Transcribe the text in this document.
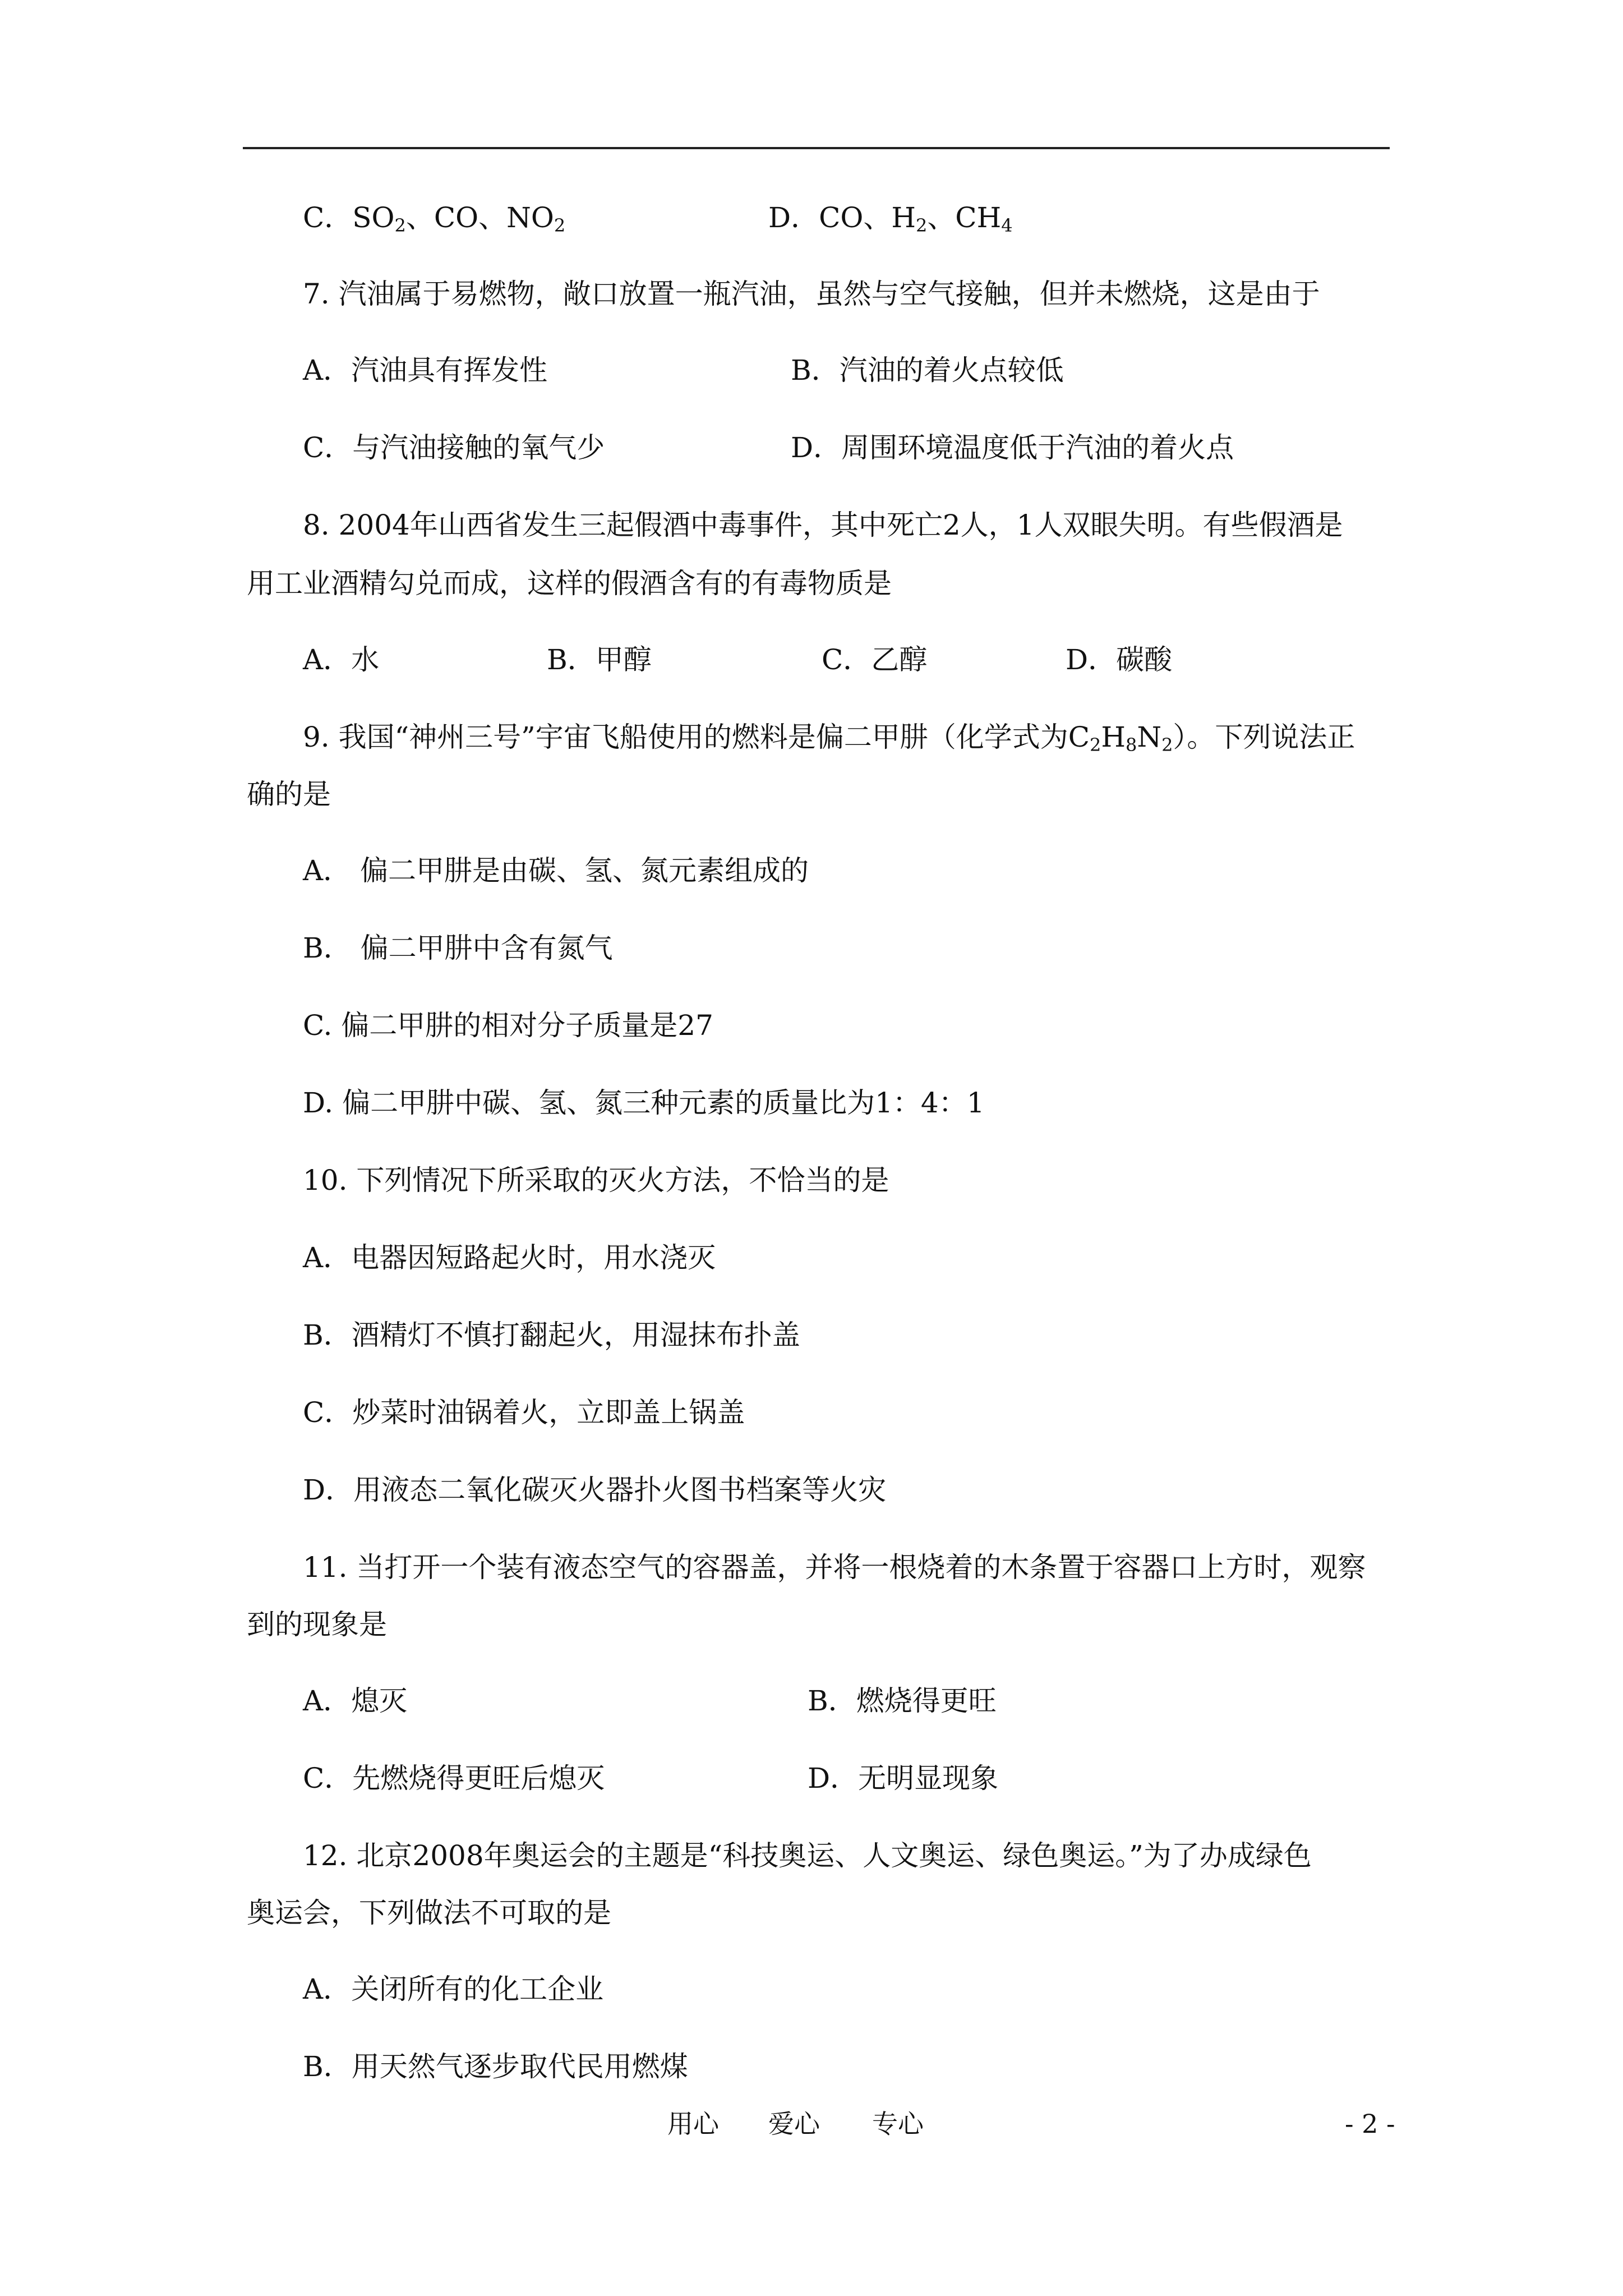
C．$SO_2$、CO、$NO_2$	D．CO、$H_2$、$CH_4$
7. 汽油属于易燃物，敞口放置一瓶汽油，虽然与空气接触，但并未燃烧，这是由于
A．汽油具有挥发性	B．汽油的着火点较低
C．与汽油接触的氧气少	D．周围环境温度低于汽油的着火点
8. 2004年山西省发生三起假酒中毒事件，其中死亡2人，1人双眼失明。有些假酒是
用工业酒精勾兑而成，这样的假酒含有的有毒物质是
A．水	B．甲醇	C．乙醇	D．碳酸
9. 我国“神州三号”宇宙飞船使用的燃料是偏二甲肼（化学式为$C_2H_8N_2$）。下列说法正
确的是
A． 偏二甲肼是由碳、氢、氮元素组成的
B． 偏二甲肼中含有氮气
C. 偏二甲肼的相对分子质量是27
D. 偏二甲肼中碳、氢、氮三种元素的质量比为1：4：1
10. 下列情况下所采取的灭火方法，不恰当的是
A．电器因短路起火时，用水浇灭
B．酒精灯不慎打翻起火，用湿抹布扑盖
C．炒菜时油锅着火，立即盖上锅盖
D．用液态二氧化碳灭火器扑火图书档案等火灾
11. 当打开一个装有液态空气的容器盖，并将一根烧着的木条置于容器口上方时，观察
到的现象是
A．熄灭	B．燃烧得更旺
C．先燃烧得更旺后熄灭	D．无明显现象
12. 北京2008年奥运会的主题是“科技奥运、人文奥运、绿色奥运。”为了办成绿色
奥运会，下列做法不可取的是
A．关闭所有的化工企业
B．用天然气逐步取代民用燃煤
用心 爱心 专心	- 2 -
